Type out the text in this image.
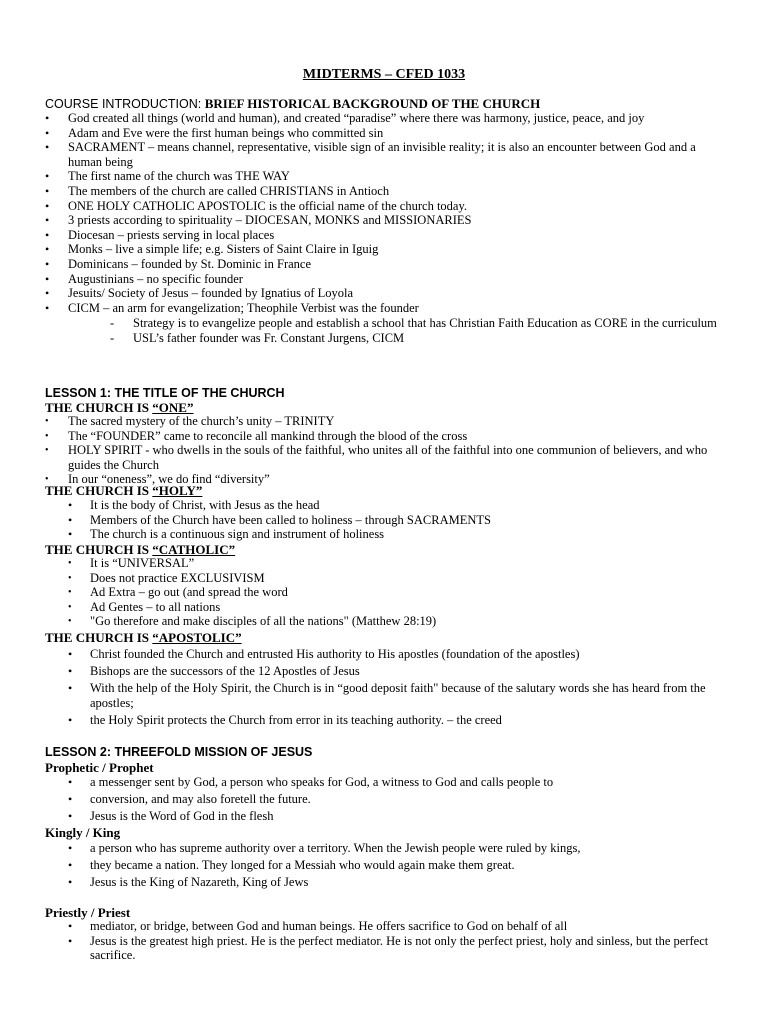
MIDTERMS – CFED 1033
COURSE INTRODUCTION: BRIEF HISTORICAL BACKGROUND OF THE CHURCH
• God created all things (world and human), and created “paradise” where there was harmony, justice, peace, and joy
• Adam and Eve were the first human beings who committed sin
• SACRAMENT – means channel, representative, visible sign of an invisible reality; it is also an encounter between God and a human being
• The first name of the church was THE WAY
• The members of the church are called CHRISTIANS in Antioch
• ONE HOLY CATHOLIC APOSTOLIC is the official name of the church today.
• 3 priests according to spirituality – DIOCESAN, MONKS and MISSIONARIES
• Diocesan – priests serving in local places
• Monks – live a simple life; e.g. Sisters of Saint Claire in Iguig
• Dominicans – founded by St. Dominic in France
• Augustinians – no specific founder
• Jesuits/ Society of Jesus – founded by Ignatius of Loyola
• CICM – an arm for evangelization; Theophile Verbist was the founder
- Strategy is to evangelize people and establish a school that has Christian Faith Education as CORE in the curriculum
- USL’s father founder was Fr. Constant Jurgens, CICM
LESSON 1: THE TITLE OF THE CHURCH
THE CHURCH IS “ONE”
• The sacred mystery of the church’s unity – TRINITY
• The “FOUNDER” came to reconcile all mankind through the blood of the cross
• HOLY SPIRIT - who dwells in the souls of the faithful, who unites all of the faithful into one communion of believers, and who guides the Church
• In our “oneness”, we do find “diversity”
THE CHURCH IS “HOLY”
• It is the body of Christ, with Jesus as the head
• Members of the Church have been called to holiness – through SACRAMENTS
• The church is a continuous sign and instrument of holiness
THE CHURCH IS “CATHOLIC”
• It is “UNIVERSAL”
• Does not practice EXCLUSIVISM
• Ad Extra – go out (and spread the word
• Ad Gentes – to all nations
• "Go therefore and make disciples of all the nations" (Matthew 28:19)
THE CHURCH IS “APOSTOLIC”
• Christ founded the Church and entrusted His authority to His apostles (foundation of the apostles)
• Bishops are the successors of the 12 Apostles of Jesus
• With the help of the Holy Spirit, the Church is in “good deposit faith" because of the salutary words she has heard from the apostles;
• the Holy Spirit protects the Church from error in its teaching authority. – the creed
LESSON 2: THREEFOLD MISSION OF JESUS
Prophetic / Prophet
• a messenger sent by God, a person who speaks for God, a witness to God and calls people to
• conversion, and may also foretell the future.
• Jesus is the Word of God in the flesh
Kingly / King
• a person who has supreme authority over a territory. When the Jewish people were ruled by kings,
• they became a nation. They longed for a Messiah who would again make them great.
• Jesus is the King of Nazareth, King of Jews
Priestly / Priest
• mediator, or bridge, between God and human beings. He offers sacrifice to God on behalf of all
• Jesus is the greatest high priest. He is the perfect mediator. He is not only the perfect priest, holy and sinless, but the perfect sacrifice.
